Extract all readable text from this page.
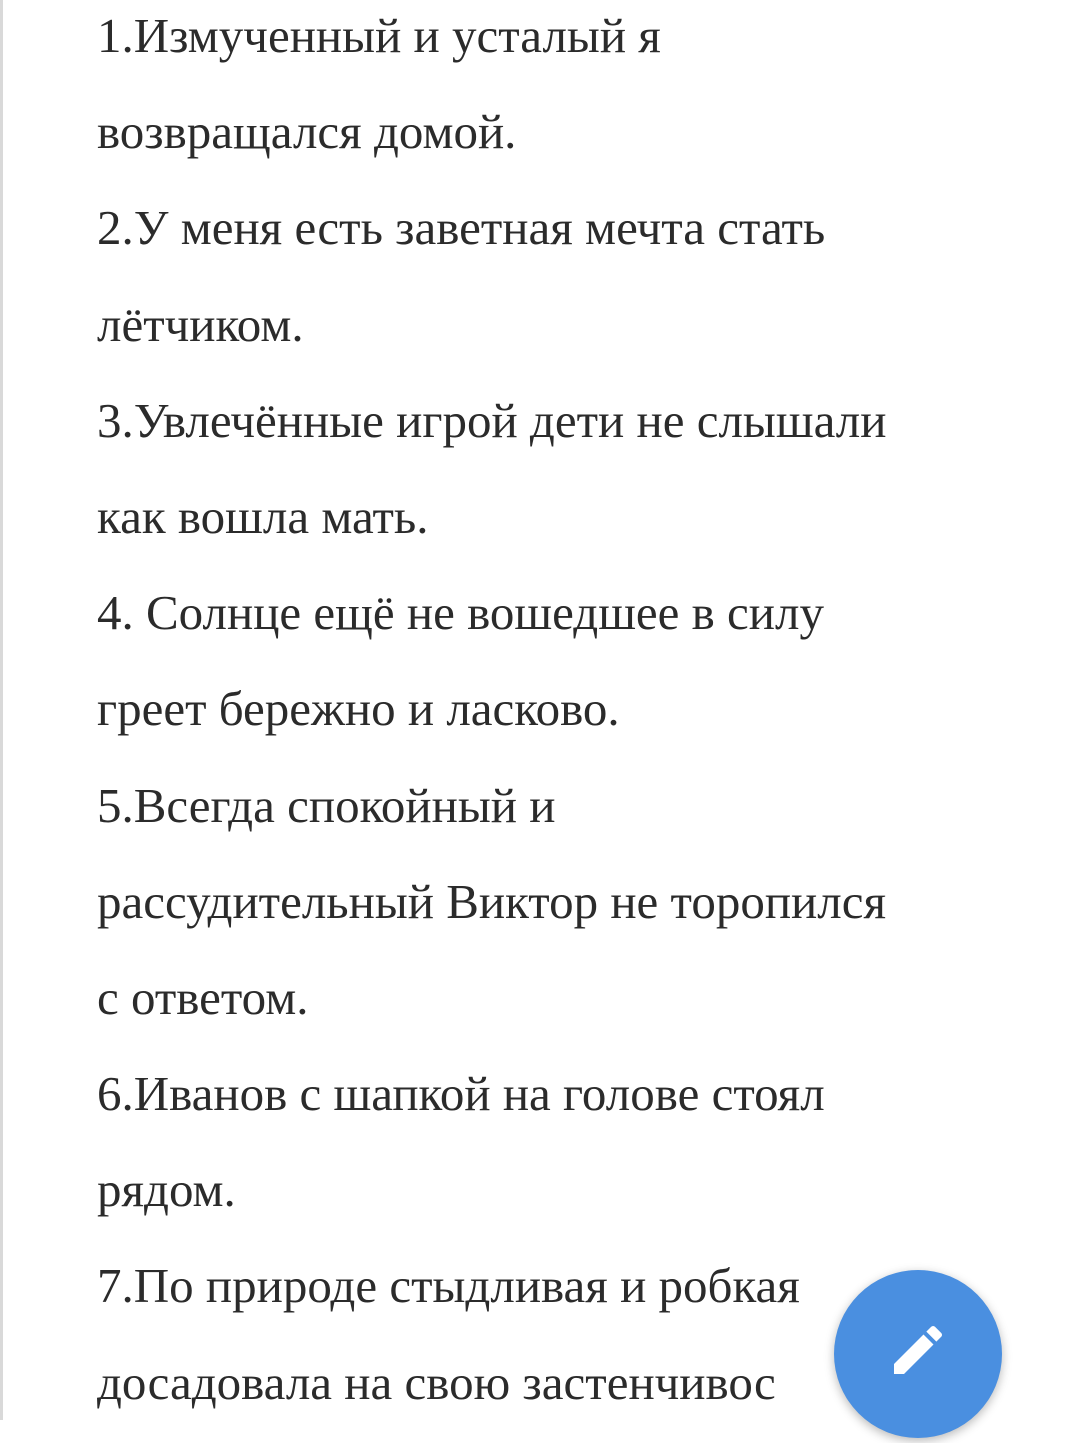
1.Измученный и усталый я
возвращался домой.
2.У меня есть заветная мечта стать
лётчиком.
3.Увлечённые игрой дети не слышали
как вошла мать.
4. Солнце ещё не вошедшее в силу
греет бережно и ласково.
5.Всегда спокойный и
рассудительный Виктор не торопился
с ответом.
6.Иванов с шапкой на голове стоял
рядом.
7.По природе стыдливая и робкая
досадовала на свою застенчивос
